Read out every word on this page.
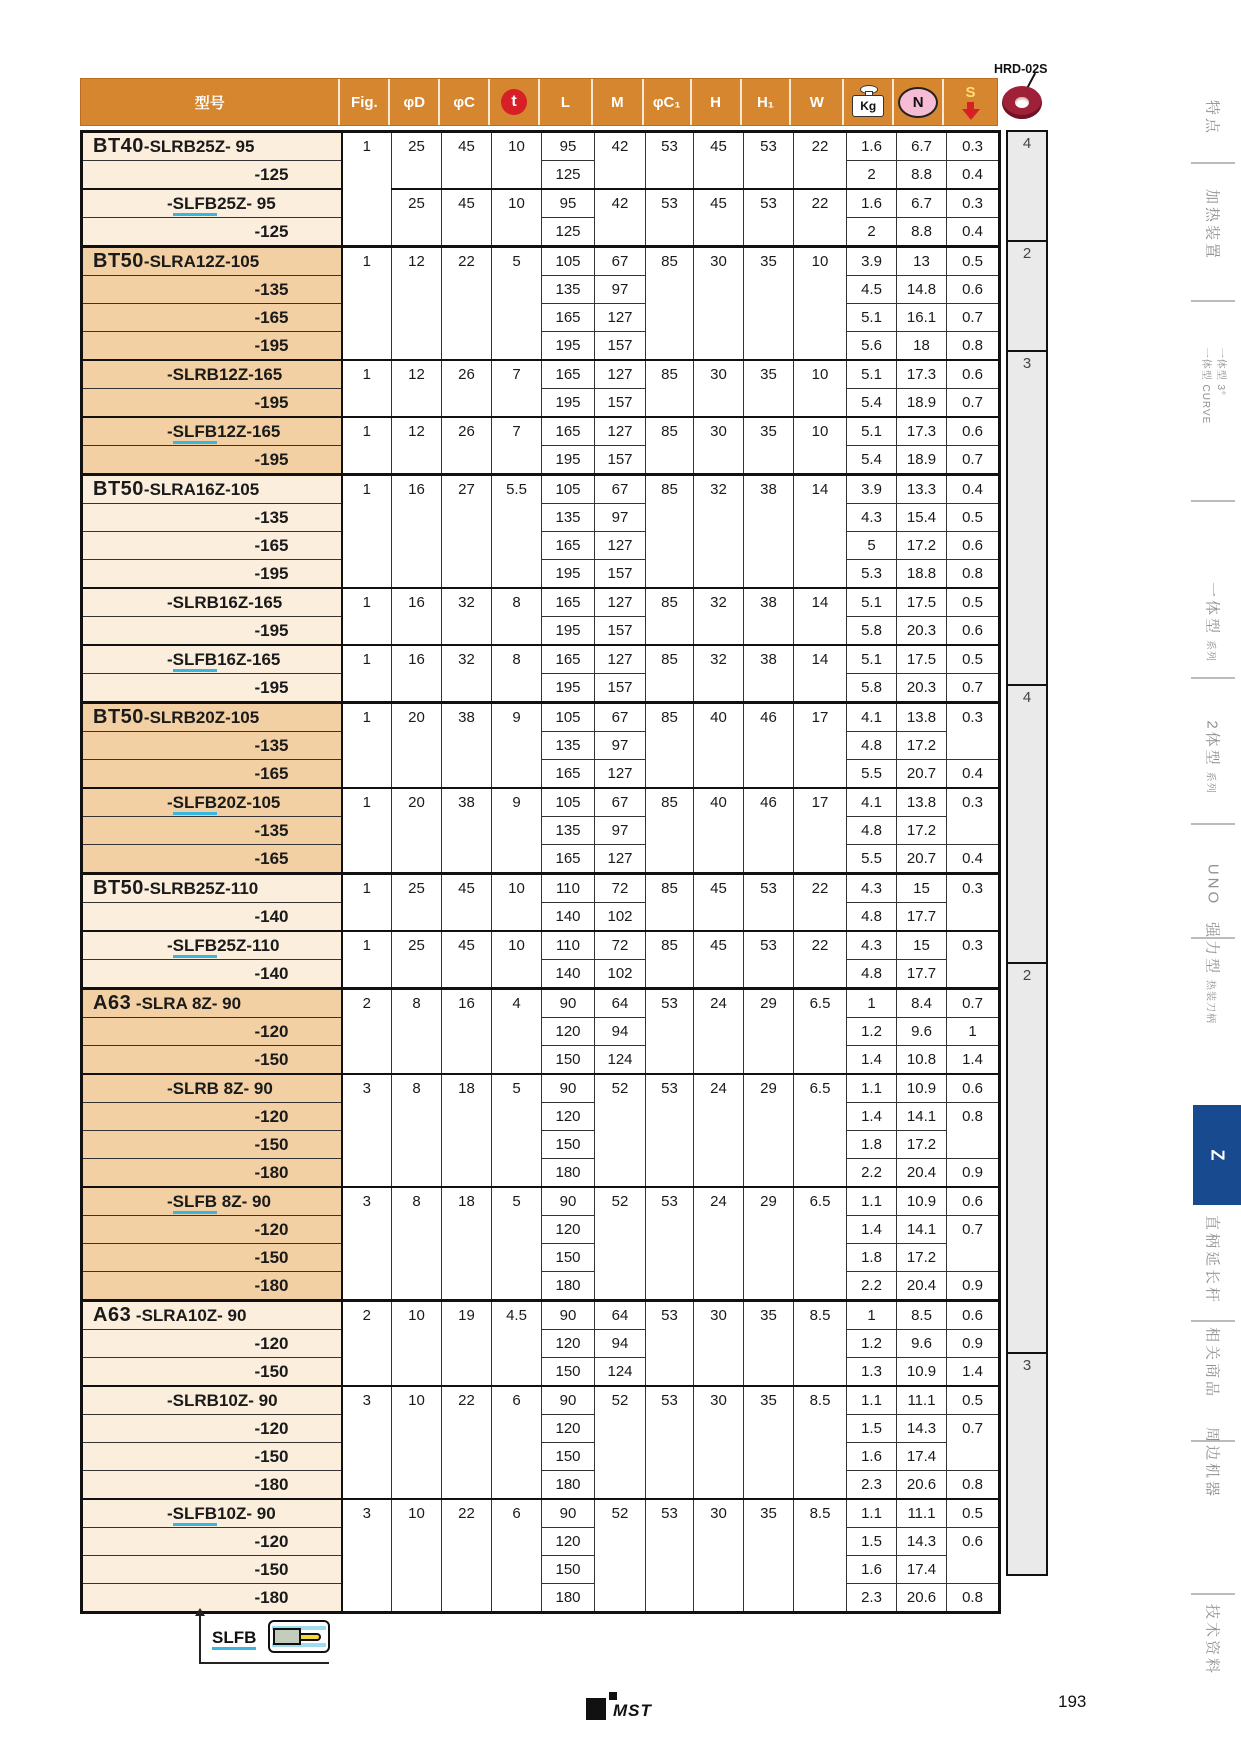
型号	Fig.	φD	φC	t	L	M	φC₁	H	H₁	W	Kg	N
S
BT40-SLRB25Z- 95	1	25	45	10	95	42	53	45	53	22	1.6	6.7	0.3
-125					125						2	8.8	0.4
-SLFB25Z- 95		25	45	10	95	42	53	45	53	22	1.6	6.7	0.3
-125					125						2	8.8	0.4
BT50-SLRA12Z-105	1	12	22	5	105	67	85	30	35	10	3.9	13	0.5
-135					135	97					4.5	14.8	0.6
-165					165	127					5.1	16.1	0.7
-195					195	157					5.6	18	0.8
-SLRB12Z-165	1	12	26	7	165	127	85	30	35	10	5.1	17.3	0.6
-195					195	157					5.4	18.9	0.7
-SLFB12Z-165	1	12	26	7	165	127	85	30	35	10	5.1	17.3	0.6
-195					195	157					5.4	18.9	0.7
BT50-SLRA16Z-105	1	16	27	5.5	105	67	85	32	38	14	3.9	13.3	0.4
-135					135	97					4.3	15.4	0.5
-165					165	127					5	17.2	0.6
-195					195	157					5.3	18.8	0.8
-SLRB16Z-165	1	16	32	8	165	127	85	32	38	14	5.1	17.5	0.5
-195					195	157					5.8	20.3	0.6
-SLFB16Z-165	1	16	32	8	165	127	85	32	38	14	5.1	17.5	0.5
-195					195	157					5.8	20.3	0.7
BT50-SLRB20Z-105	1	20	38	9	105	67	85	40	46	17	4.1	13.8	0.3
-135					135	97					4.8	17.2	
-165					165	127					5.5	20.7	0.4
-SLFB20Z-105	1	20	38	9	105	67	85	40	46	17	4.1	13.8	0.3
-135					135	97					4.8	17.2	
-165					165	127					5.5	20.7	0.4
BT50-SLRB25Z-110	1	25	45	10	110	72	85	45	53	22	4.3	15	0.3
-140					140	102					4.8	17.7	
-SLFB25Z-110	1	25	45	10	110	72	85	45	53	22	4.3	15	0.3
-140					140	102					4.8	17.7	
A63 -SLRA 8Z- 90	2	8	16	4	90	64	53	24	29	6.5	1	8.4	0.7
-120					120	94					1.2	9.6	1
-150					150	124					1.4	10.8	1.4
-SLRB 8Z- 90	3	8	18	5	90	52	53	24	29	6.5	1.1	10.9	0.6
-120					120						1.4	14.1	0.8
-150					150						1.8	17.2	
-180					180						2.2	20.4	0.9
-SLFB 8Z- 90	3	8	18	5	90	52	53	24	29	6.5	1.1	10.9	0.6
-120					120						1.4	14.1	0.7
-150					150						1.8	17.2	
-180					180						2.2	20.4	0.9
A63 -SLRA10Z- 90	2	10	19	4.5	90	64	53	30	35	8.5	1	8.5	0.6
-120					120	94					1.2	9.6	0.9
-150					150	124					1.3	10.9	1.4
-SLRB10Z- 90	3	10	22	6	90	52	53	30	35	8.5	1.1	11.1	0.5
-120					120						1.5	14.3	0.7
-150					150						1.6	17.4	
-180					180						2.3	20.6	0.8
-SLFB10Z- 90	3	10	22	6	90	52	53	30	35	8.5	1.1	11.1	0.5
-120					120						1.5	14.3	0.6
-150					150						1.6	17.4	
-180					180						2.3	20.6	0.8
4
2
3
4
2
3
HRD-02S
特点
加热装置
一体型 3°
一体型 CURVE
一体型系列
2体型系列
UNO
强力型热装刀柄
Z
直柄延长杆
相关商品
周边机器
技术资料
SLFB
MST	193
